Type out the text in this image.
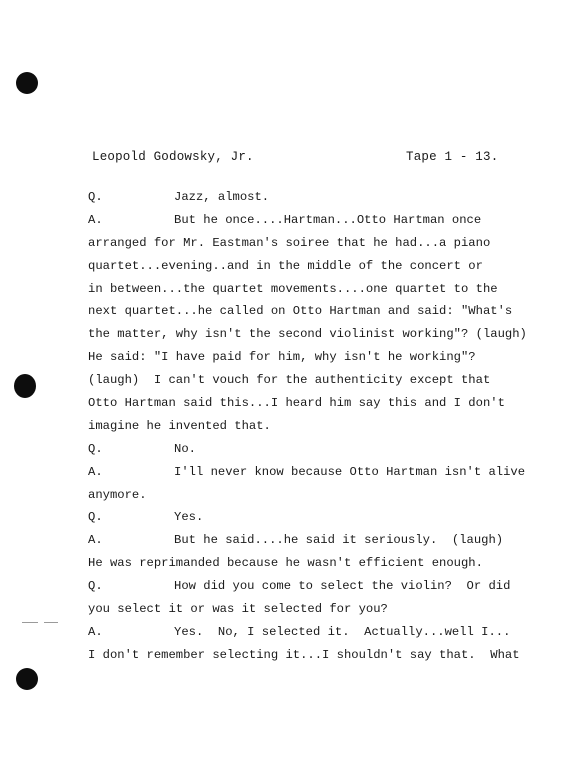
Leopold Godowsky, Jr.	Tape 1 - 13.
Q.	Jazz, almost.
A.	But he once....Hartman...Otto Hartman once
arranged for Mr. Eastman's soiree that he had...a piano
quartet...evening..and in the middle of the concert or
in between...the quartet movements....one quartet to the
next quartet...he called on Otto Hartman and said: "What's
the matter, why isn't the second violinist working"? (laugh)
He said: "I have paid for him, why isn't he working"?
(laugh)  I can't vouch for the authenticity except that
Otto Hartman said this...I heard him say this and I don't
imagine he invented that.
Q.	No.
A.	I'll never know because Otto Hartman isn't alive
anymore.
Q.	Yes.
A.	But he said....he said it seriously.  (laugh)
He was reprimanded because he wasn't efficient enough.
Q.	How did you come to select the violin?  Or did
you select it or was it selected for you?
A.	Yes.  No, I selected it.  Actually...well I...
I don't remember selecting it...I shouldn't say that.  What
